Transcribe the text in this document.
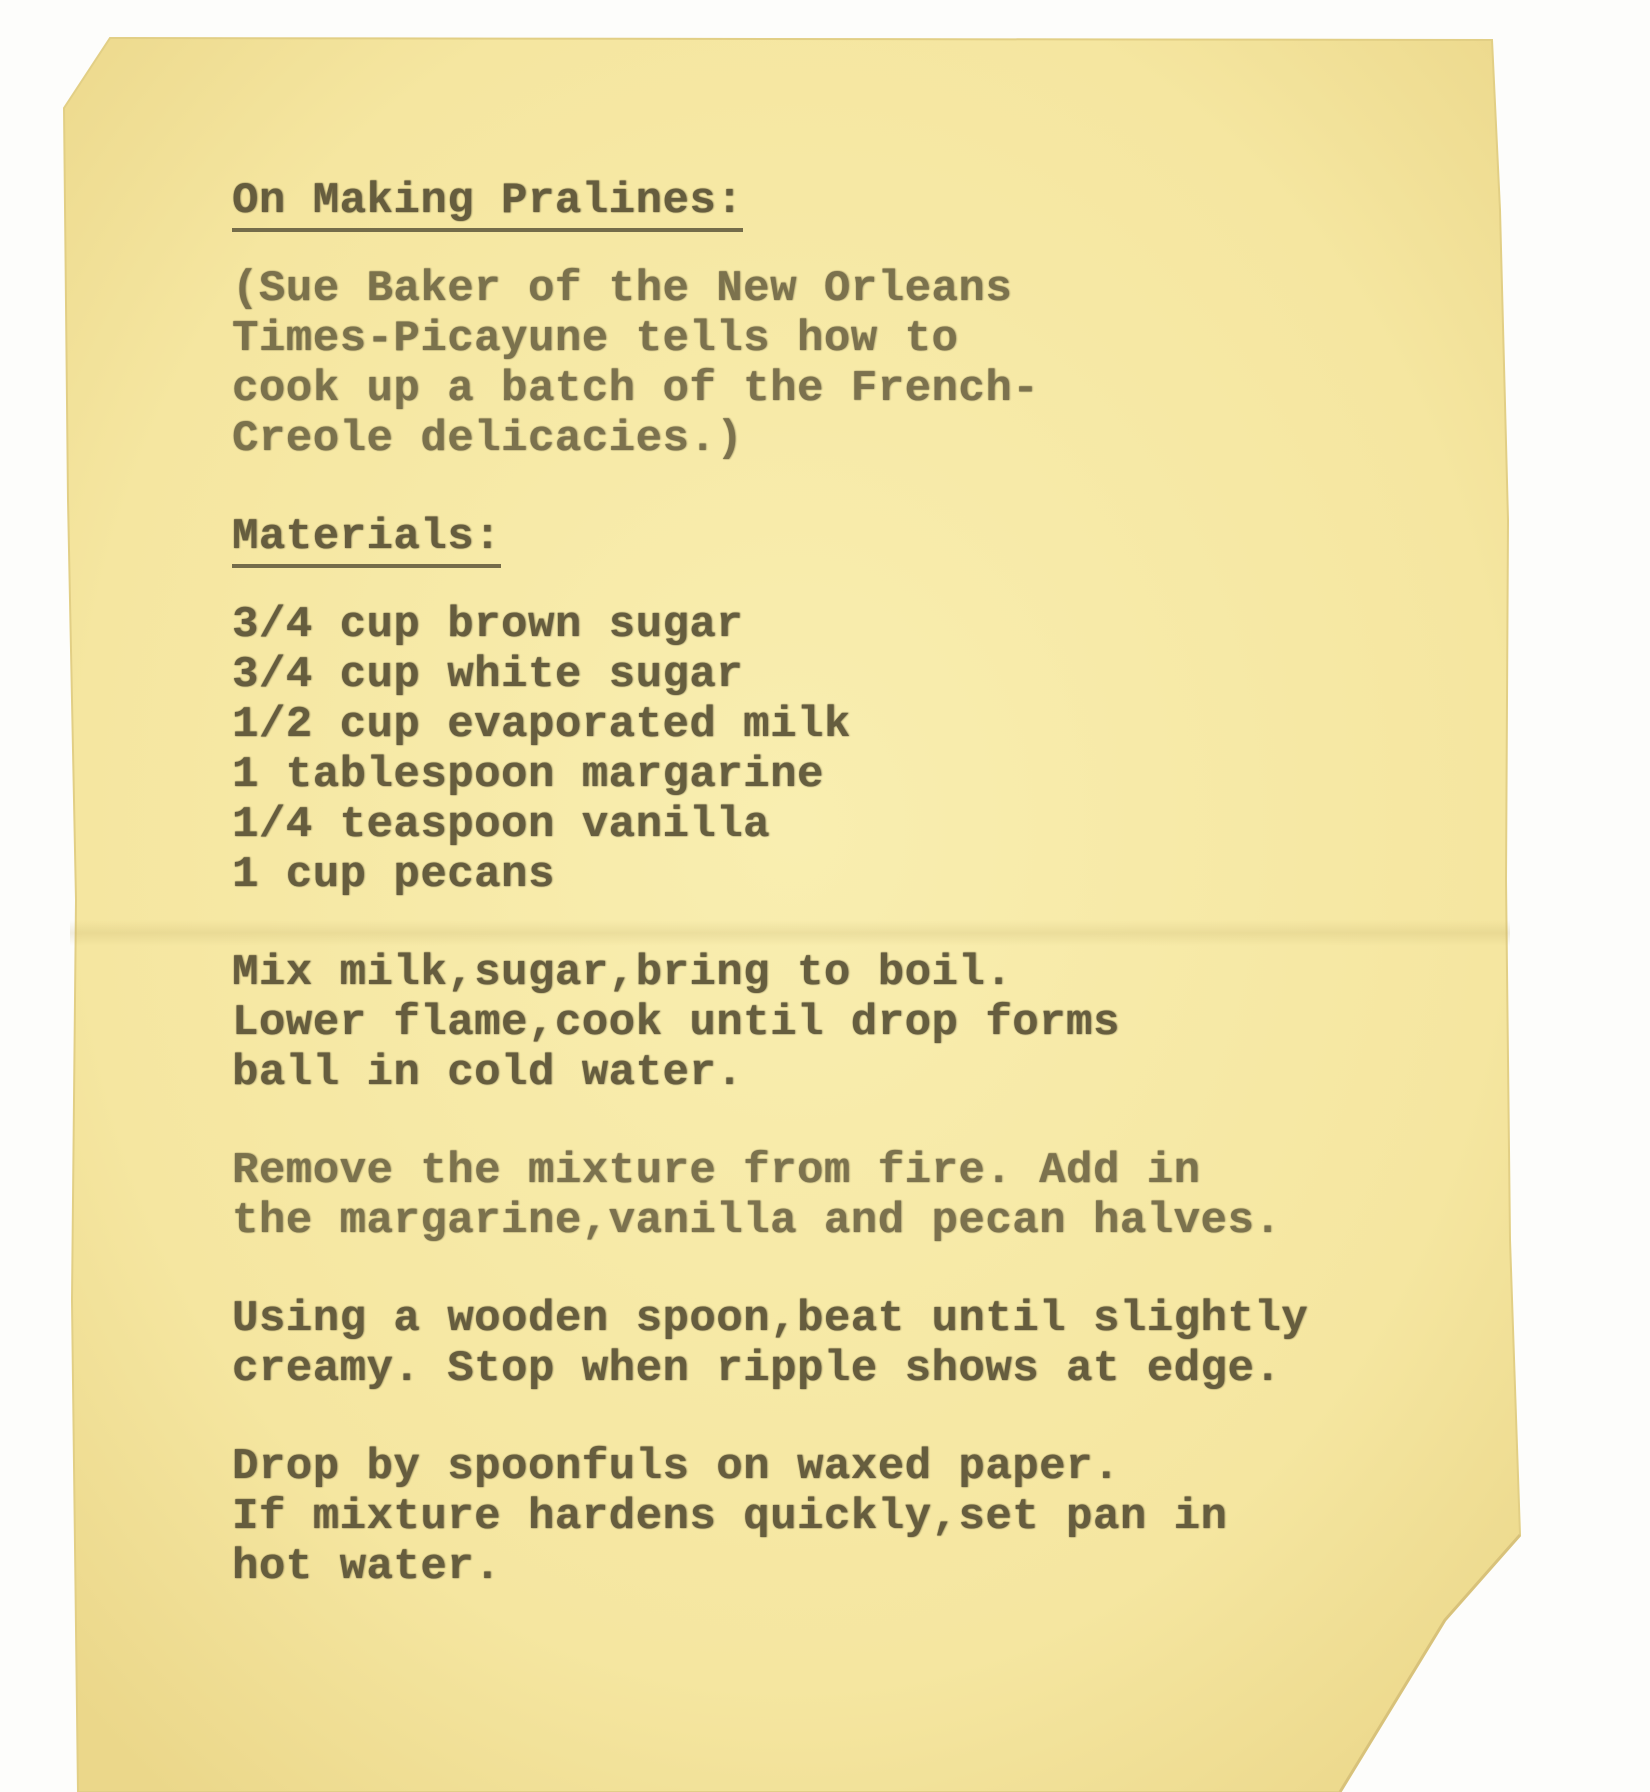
On Making Pralines:
(Sue Baker of the New Orleans
Times-Picayune tells how to
cook up a batch of the French-
Creole delicacies.)
Materials:
3/4 cup brown sugar
3/4 cup white sugar
1/2 cup evaporated milk
1 tablespoon margarine
1/4 teaspoon vanilla
1 cup pecans
Mix milk,sugar,bring to boil.
Lower flame,cook until drop forms
ball in cold water.
Remove the mixture from fire. Add in
the margarine,vanilla and pecan halves.
Using a wooden spoon,beat until slightly
creamy. Stop when ripple shows at edge.
Drop by spoonfuls on waxed paper.
If mixture hardens quickly,set pan in
hot water.
